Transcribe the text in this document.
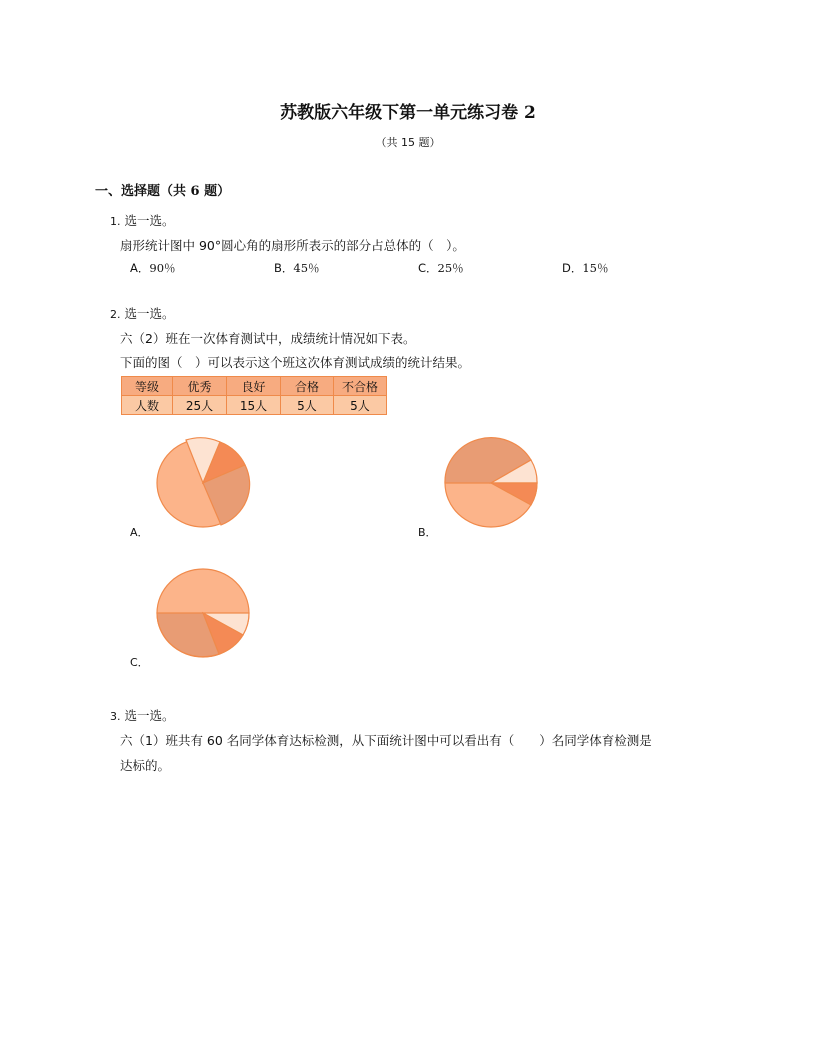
苏教版六年级下第一单元练习卷 2
（共 15 题）
一、选择题（共 6 题）
1. 选一选。
扇形统计图中 90°圆心角的扇形所表示的部分占总体的（　）。
A．90％	B．45％	C．25％	D．15％
2. 选一选。
六（2）班在一次体育测试中，成绩统计情况如下表。
下面的图（　）可以表示这个班这次体育测试成绩的统计结果。
等级	优秀	良好	合格	不合格
人数	25人	15人	5人	5人
A．	B．
C．
3. 选一选。
六（1）班共有 60 名同学体育达标检测，从下面统计图中可以看出有（　　）名同学体育检测是
达标的。
